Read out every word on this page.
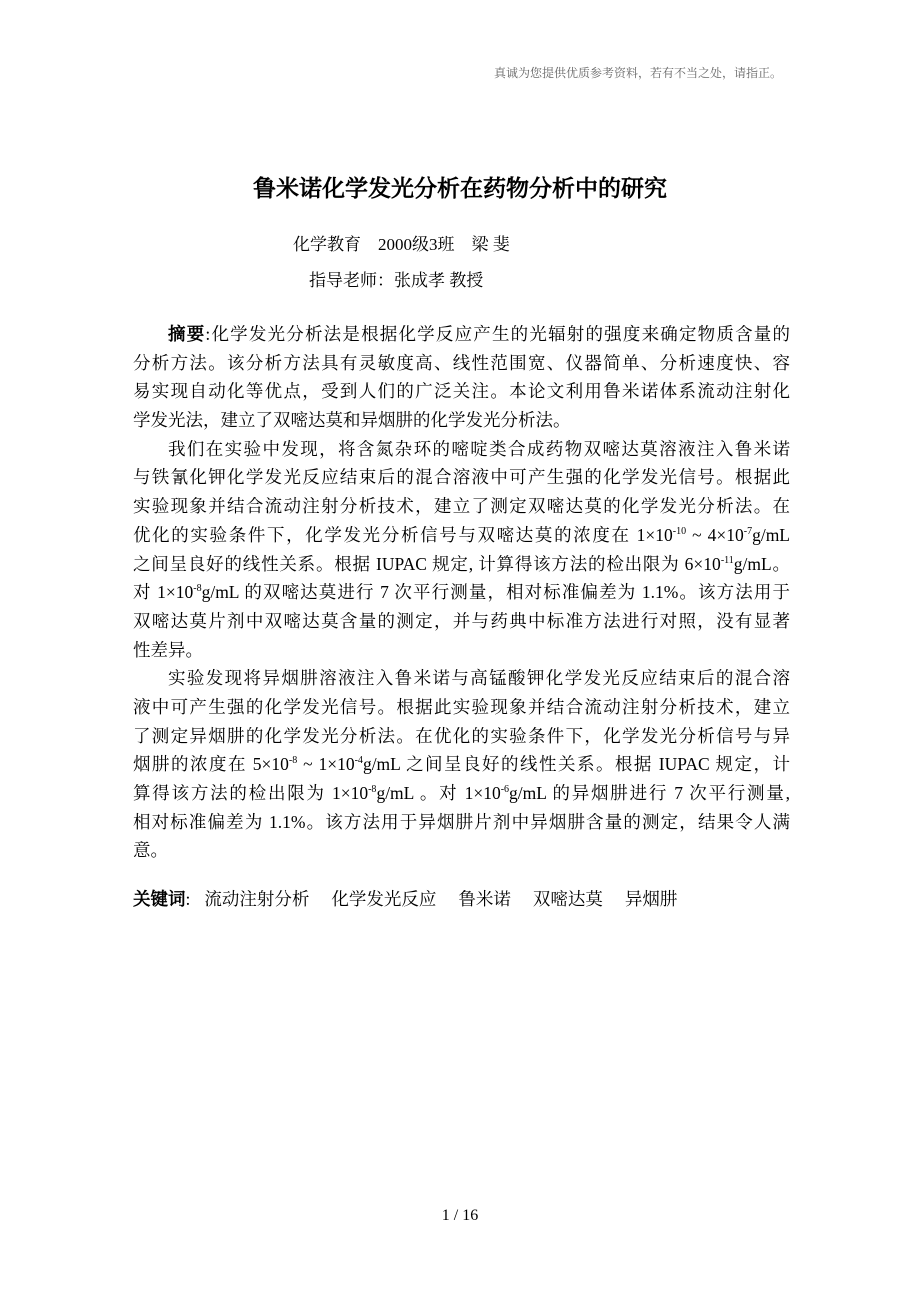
真诚为您提供优质参考资料，若有不当之处，请指正。
鲁米诺化学发光分析在药物分析中的研究
化学教育　2000级3班　梁 斐
指导老师：张成孝 教授
摘要:化学发光分析法是根据化学反应产生的光辐射的强度来确定物质含量的
分析方法。该分析方法具有灵敏度高、线性范围宽、仪器简单、分析速度快、容
易实现自动化等优点，受到人们的广泛关注。本论文利用鲁米诺体系流动注射化
学发光法，建立了双嘧达莫和异烟肼的化学发光分析法。
我们在实验中发现，将含氮杂环的嘧啶类合成药物双嘧达莫溶液注入鲁米诺
与铁氰化钾化学发光反应结束后的混合溶液中可产生强的化学发光信号。根据此
实验现象并结合流动注射分析技术，建立了测定双嘧达莫的化学发光分析法。在
优化的实验条件下，化学发光分析信号与双嘧达莫的浓度在 $1\times 10^{-10}$ ~ $4\times 10^{-7}g/mL$
之间呈良好的线性关系。根据 IUPAC 规定, 计算得该方法的检出限为 $6\times 10^{-11}g/mL$。
对 $1\times 10^{-8}g/mL$ 的双嘧达莫进行 7 次平行测量，相对标准偏差为 1.1%。该方法用于
双嘧达莫片剂中双嘧达莫含量的测定，并与药典中标准方法进行对照，没有显著
性差异。
实验发现将异烟肼溶液注入鲁米诺与高锰酸钾化学发光反应结束后的混合溶
液中可产生强的化学发光信号。根据此实验现象并结合流动注射分析技术，建立
了测定异烟肼的化学发光分析法。在优化的实验条件下，化学发光分析信号与异
烟肼的浓度在 $5\times 10^{-8}$ ~ $1\times 10^{-4}g/mL$ 之间呈良好的线性关系。根据 IUPAC 规定，计
算得该方法的检出限为 $1\times 10^{-8}g/mL$ 。对 $1\times 10^{-6}g/mL$ 的异烟肼进行 7 次平行测量,
相对标准偏差为 1.1%。该方法用于异烟肼片剂中异烟肼含量的测定，结果令人满
意。
关键词: 流动注射分析 化学发光反应 鲁米诺 双嘧达莫 异烟肼
1 / 16
